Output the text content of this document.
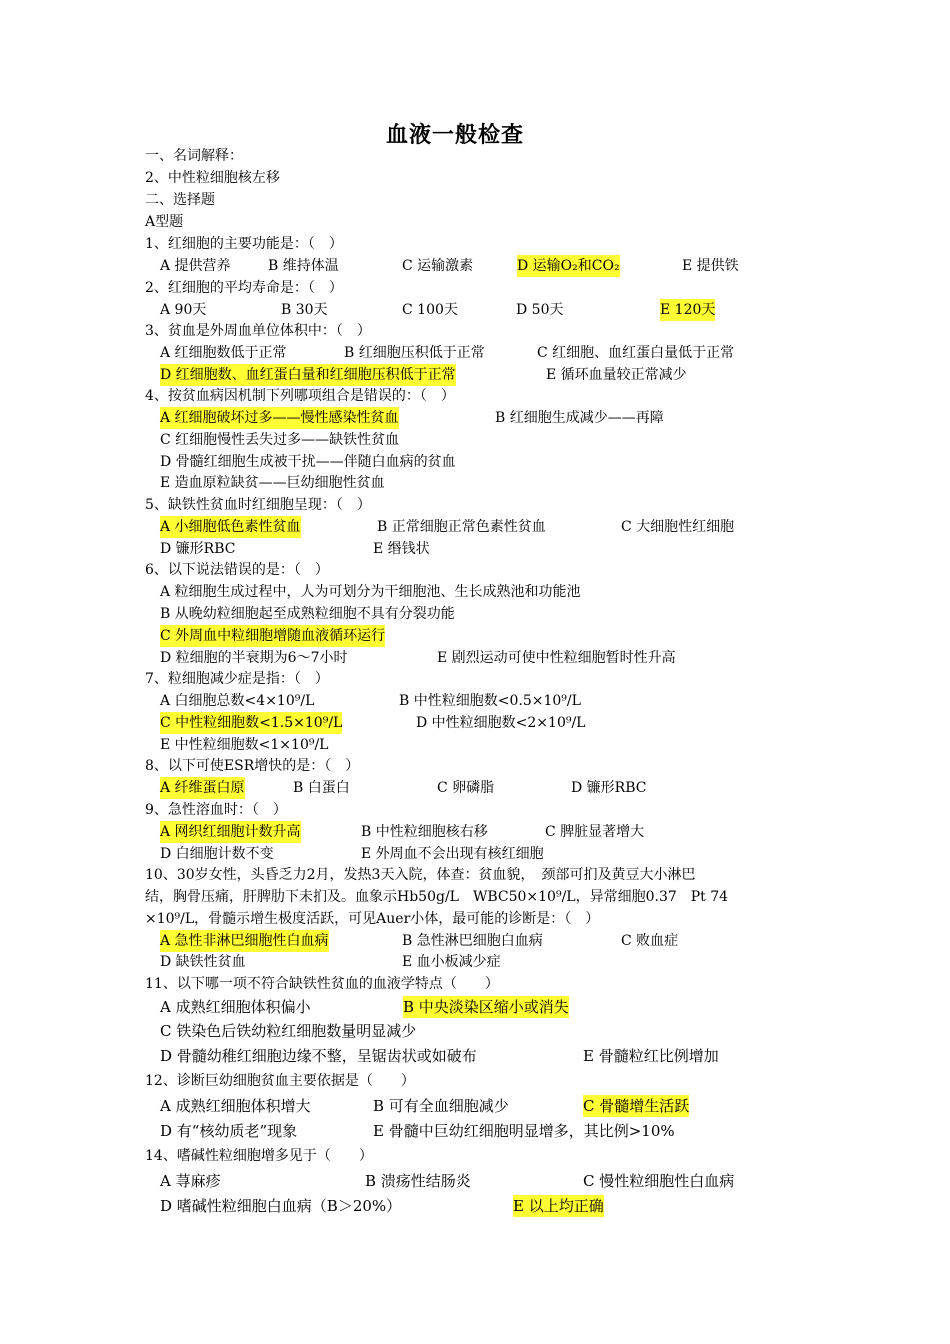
血液一般检查
一、名词解释：
2、中性粒细胞核左移
二、选择题
A型题
1、红细胞的主要功能是：（　）
A 提供营养	B 维持体温	C 运输激素	D 运输O₂和CO₂	E 提供铁
2、红细胞的平均寿命是：（　）
A 90天	B 30天	C 100天	D 50天	E 120天
3、贫血是外周血单位体积中：（　）
A 红细胞数低于正常	B 红细胞压积低于正常	C 红细胞、血红蛋白量低于正常
D 红细胞数、血红蛋白量和红细胞压积低于正常	E 循环血量较正常减少
4、按贫血病因机制下列哪项组合是错误的：（　）
A 红细胞破坏过多——慢性感染性贫血	B 红细胞生成减少——再障
C 红细胞慢性丢失过多——缺铁性贫血
D 骨髓红细胞生成被干扰——伴随白血病的贫血
E 造血原粒缺贫——巨幼细胞性贫血
5、缺铁性贫血时红细胞呈现：（　）
A 小细胞低色素性贫血	B 正常细胞正常色素性贫血	C 大细胞性红细胞
D 镰形RBC	E 缗钱状
6、以下说法错误的是：（　）
A 粒细胞生成过程中，人为可划分为干细胞池、生长成熟池和功能池
B 从晚幼粒细胞起至成熟粒细胞不具有分裂功能
C 外周血中粒细胞增随血液循环运行
D 粒细胞的半衰期为6～7小时	E 剧烈运动可使中性粒细胞暂时性升高
7、粒细胞减少症是指：（　）
A 白细胞总数<4×10⁹/L	B 中性粒细胞数<0.5×10⁹/L
C 中性粒细胞数<1.5×10⁹/L	D 中性粒细胞数<2×10⁹/L
E 中性粒细胞数<1×10⁹/L
8、以下可使ESR增快的是：（　）
A 纤维蛋白原	B 白蛋白	C 卵磷脂	D 镰形RBC
9、急性溶血时：（　）
A 网织红细胞计数升高	B 中性粒细胞核右移	C 脾脏显著增大
D 白细胞计数不变	E 外周血不会出现有核红细胞
10、30岁女性，头昏乏力2月，发热3天入院，体查：贫血貌，　颈部可扪及黄豆大小淋巴
结，胸骨压痛，肝脾肋下未扪及。血象示Hb50g/L　WBC50×10⁹/L，异常细胞0.37　Pt 74
×10⁹/L，骨髓示增生极度活跃，可见Auer小体，最可能的诊断是：（　）
A 急性非淋巴细胞性白血病	B 急性淋巴细胞白血病	C 败血症
D 缺铁性贫血	E 血小板减少症
11、以下哪一项不符合缺铁性贫血的血液学特点（　　）
A 成熟红细胞体积偏小	B 中央淡染区缩小或消失
C 铁染色后铁幼粒红细胞数量明显减少
D 骨髓幼稚红细胞边缘不整，呈锯齿状或如破布	E 骨髓粒红比例增加
12、诊断巨幼细胞贫血主要依据是（　　）
A 成熟红细胞体积增大	B 可有全血细胞减少	C 骨髓增生活跃
D 有“核幼质老”现象	E 骨髓中巨幼红细胞明显增多，其比例>10%
14、嗜碱性粒细胞增多见于（　　）
A 荨麻疹	B 溃疡性结肠炎	C 慢性粒细胞性白血病
D 嗜碱性粒细胞白血病（B＞20%）	E 以上均正确
